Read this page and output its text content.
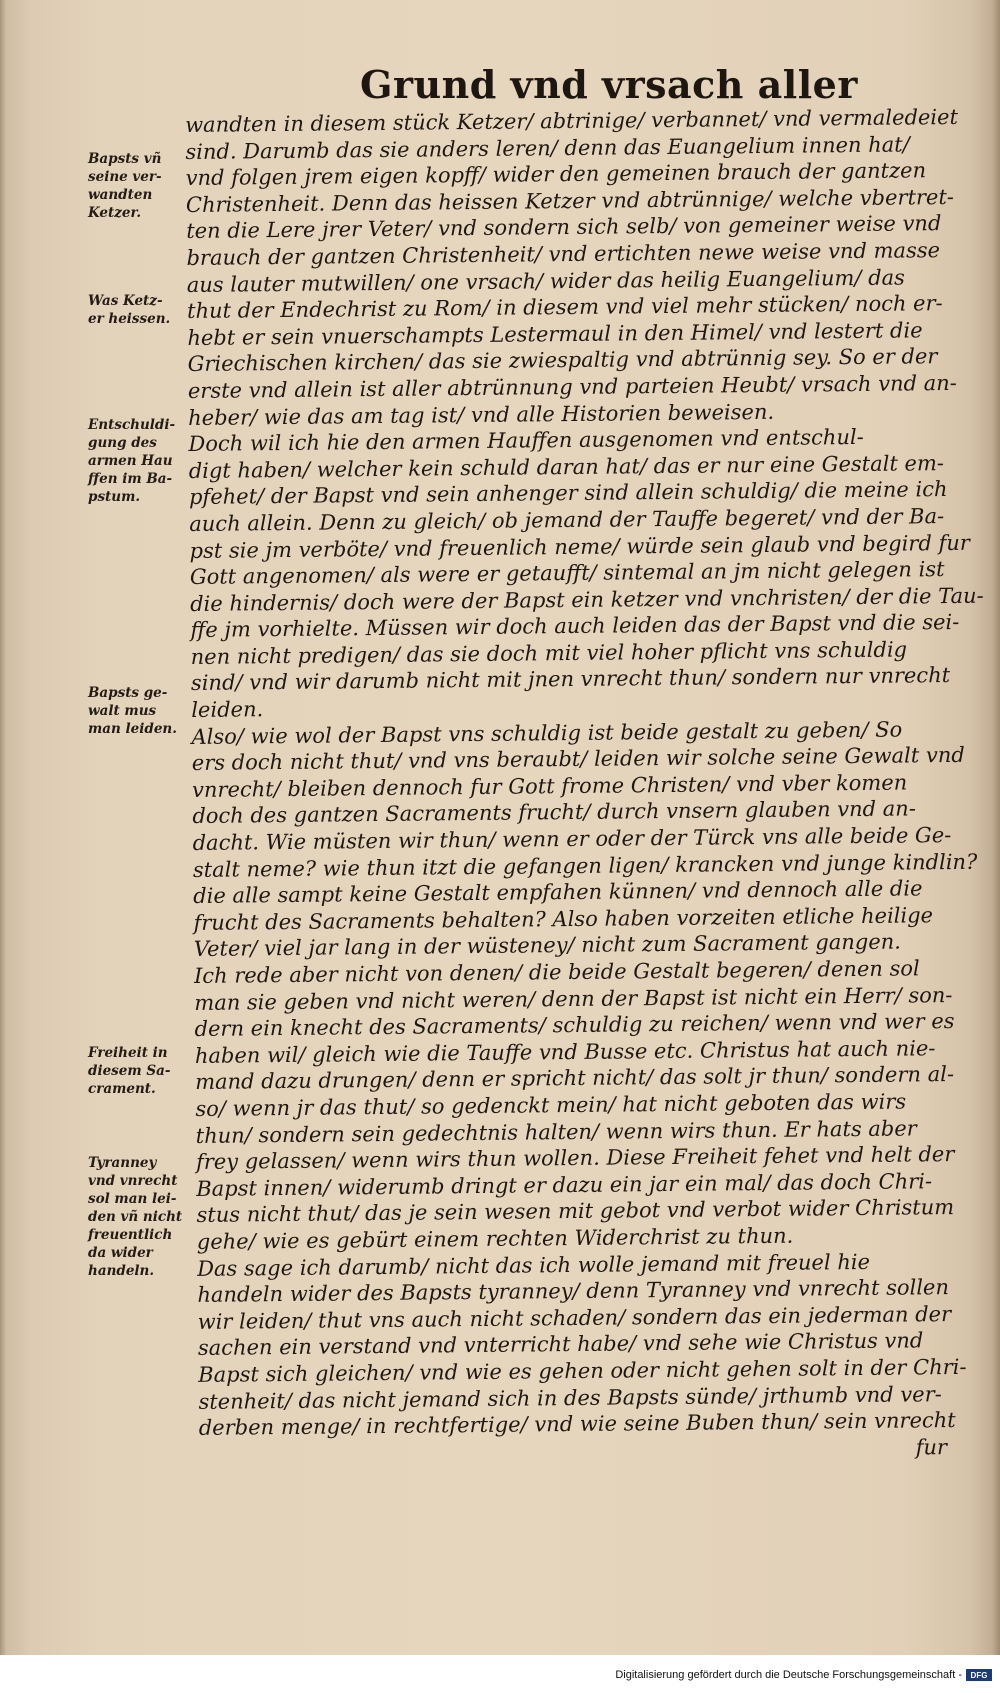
Grund vnd vrsach aller
wandten in diesem stück Ketzer/ abtrinige/ verbannet/ vnd vermaledeiet
sind. Darumb das sie anders leren/ denn das Euangelium innen hat/
vnd folgen jrem eigen kopff/ wider den gemeinen brauch der gantzen
Christenheit. Denn das heissen Ketzer vnd abtrünnige/ welche vbertret-
ten die Lere jrer Veter/ vnd sondern sich selb/ von gemeiner weise vnd
brauch der gantzen Christenheit/ vnd ertichten newe weise vnd masse
aus lauter mutwillen/ one vrsach/ wider das heilig Euangelium/ das
thut der Endechrist zu Rom/ in diesem vnd viel mehr stücken/ noch er-
hebt er sein vnuerschampts Lestermaul in den Himel/ vnd lestert die
Griechischen kirchen/ das sie zwiespaltig vnd abtrünnig sey. So er der
erste vnd allein ist aller abtrünnung vnd parteien Heubt/ vrsach vnd an-
heber/ wie das am tag ist/ vnd alle Historien beweisen.
Doch wil ich hie den armen Hauffen ausgenomen vnd entschul-
digt haben/ welcher kein schuld daran hat/ das er nur eine Gestalt em-
pfehet/ der Bapst vnd sein anhenger sind allein schuldig/ die meine ich
auch allein. Denn zu gleich/ ob jemand der Tauffe begeret/ vnd der Ba-
pst sie jm verböte/ vnd freuenlich neme/ würde sein glaub vnd begird fur
Gott angenomen/ als were er getaufft/ sintemal an jm nicht gelegen ist
die hindernis/ doch were der Bapst ein ketzer vnd vnchristen/ der die Tau-
ffe jm vorhielte. Müssen wir doch auch leiden das der Bapst vnd die sei-
nen nicht predigen/ das sie doch mit viel hoher pflicht vns schuldig
sind/ vnd wir darumb nicht mit jnen vnrecht thun/ sondern nur vnrecht
leiden.
Also/ wie wol der Bapst vns schuldig ist beide gestalt zu geben/ So
ers doch nicht thut/ vnd vns beraubt/ leiden wir solche seine Gewalt vnd
vnrecht/ bleiben dennoch fur Gott frome Christen/ vnd vber komen
doch des gantzen Sacraments frucht/ durch vnsern glauben vnd an-
dacht. Wie müsten wir thun/ wenn er oder der Türck vns alle beide Ge-
stalt neme? wie thun itzt die gefangen ligen/ krancken vnd junge kindlin?
die alle sampt keine Gestalt empfahen künnen/ vnd dennoch alle die
frucht des Sacraments behalten? Also haben vorzeiten etliche heilige
Veter/ viel jar lang in der wüsteney/ nicht zum Sacrament gangen.
Ich rede aber nicht von denen/ die beide Gestalt begeren/ denen sol
man sie geben vnd nicht weren/ denn der Bapst ist nicht ein Herr/ son-
dern ein knecht des Sacraments/ schuldig zu reichen/ wenn vnd wer es
haben wil/ gleich wie die Tauffe vnd Busse etc. Christus hat auch nie-
mand dazu drungen/ denn er spricht nicht/ das solt jr thun/ sondern al-
so/ wenn jr das thut/ so gedenckt mein/ hat nicht geboten das wirs
thun/ sondern sein gedechtnis halten/ wenn wirs thun. Er hats aber
frey gelassen/ wenn wirs thun wollen. Diese Freiheit fehet vnd helt der
Bapst innen/ widerumb dringt er dazu ein jar ein mal/ das doch Chri-
stus nicht thut/ das je sein wesen mit gebot vnd verbot wider Christum
gehe/ wie es gebürt einem rechten Widerchrist zu thun.
Das sage ich darumb/ nicht das ich wolle jemand mit freuel hie
handeln wider des Bapsts tyranney/ denn Tyranney vnd vnrecht sollen
wir leiden/ thut vns auch nicht schaden/ sondern das ein jederman der
sachen ein verstand vnd vnterricht habe/ vnd sehe wie Christus vnd
Bapst sich gleichen/ vnd wie es gehen oder nicht gehen solt in der Chri-
stenheit/ das nicht jemand sich in des Bapsts sünde/ jrthumb vnd ver-
derben menge/ in rechtfertige/ vnd wie seine Buben thun/ sein vnrecht
fur
Bapsts vñ
seine ver-
wandten
Ketzer.
Was Ketz-
er heissen.
Entschuldi-
gung des
armen Hau
ffen im Ba-
pstum.
Bapsts ge-
walt mus
man leiden.
Freiheit in
diesem Sa-
crament.
Tyranney
vnd vnrecht
sol man lei-
den vñ nicht
freuentlich
da wider
handeln.
Digitalisierung gefördert durch die Deutsche Forschungsgemeinschaft -	DFG
